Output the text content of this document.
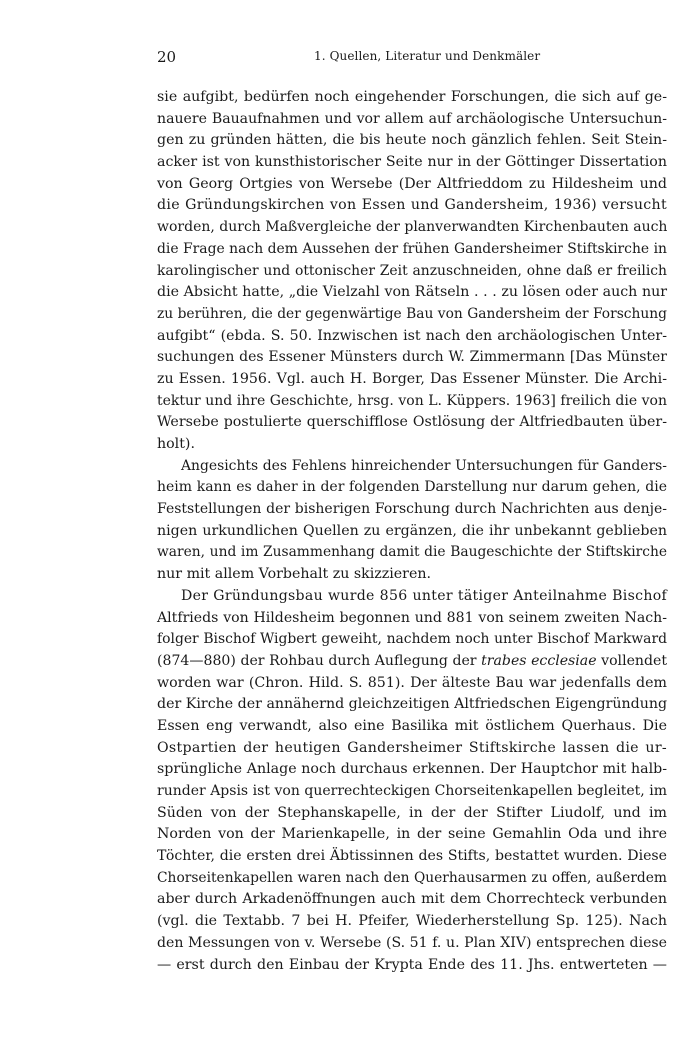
20	1. Quellen, Literatur und Denkmäler
sie aufgibt, bedürfen noch eingehender Forschungen, die sich auf ge-
nauere Bauaufnahmen und vor allem auf archäologische Untersuchun-
gen zu gründen hätten, die bis heute noch gänzlich fehlen. Seit Stein-
acker ist von kunsthistorischer Seite nur in der Göttinger Dissertation
von Georg Ortgies von Wersebe (Der Altfrieddom zu Hildesheim und
die Gründungskirchen von Essen und Gandersheim, 1936) versucht
worden, durch Maßvergleiche der planverwandten Kirchenbauten auch
die Frage nach dem Aussehen der frühen Gandersheimer Stiftskirche in
karolingischer und ottonischer Zeit anzuschneiden, ohne daß er freilich
die Absicht hatte, „die Vielzahl von Rätseln . . . zu lösen oder auch nur
zu berühren, die der gegenwärtige Bau von Gandersheim der Forschung
aufgibt“ (ebda. S. 50. Inzwischen ist nach den archäologischen Unter-
suchungen des Essener Münsters durch W. Zimmermann [Das Münster
zu Essen. 1956. Vgl. auch H. Borger, Das Essener Münster. Die Archi-
tektur und ihre Geschichte, hrsg. von L. Küppers. 1963] freilich die von
Wersebe postulierte querschifflose Ostlösung der Altfriedbauten über-
holt).
Angesichts des Fehlens hinreichender Untersuchungen für Ganders-
heim kann es daher in der folgenden Darstellung nur darum gehen, die
Feststellungen der bisherigen Forschung durch Nachrichten aus denje-
nigen urkundlichen Quellen zu ergänzen, die ihr unbekannt geblieben
waren, und im Zusammenhang damit die Baugeschichte der Stiftskirche
nur mit allem Vorbehalt zu skizzieren.
Der Gründungsbau wurde 856 unter tätiger Anteilnahme Bischof
Altfrieds von Hildesheim begonnen und 881 von seinem zweiten Nach-
folger Bischof Wigbert geweiht, nachdem noch unter Bischof Markward
(874—880) der Rohbau durch Auflegung der trabes ecclesiae vollendet
worden war (Chron. Hild. S. 851). Der älteste Bau war jedenfalls dem
der Kirche der annähernd gleichzeitigen Altfriedschen Eigengründung
Essen eng verwandt, also eine Basilika mit östlichem Querhaus. Die
Ostpartien der heutigen Gandersheimer Stiftskirche lassen die ur-
sprüngliche Anlage noch durchaus erkennen. Der Hauptchor mit halb-
runder Apsis ist von querrechteckigen Chorseitenkapellen begleitet, im
Süden von der Stephanskapelle, in der der Stifter Liudolf, und im
Norden von der Marienkapelle, in der seine Gemahlin Oda und ihre
Töchter, die ersten drei Äbtissinnen des Stifts, bestattet wurden. Diese
Chorseitenkapellen waren nach den Querhausarmen zu offen, außerdem
aber durch Arkadenöffnungen auch mit dem Chorrechteck verbunden
(vgl. die Textabb. 7 bei H. Pfeifer, Wiederherstellung Sp. 125). Nach
den Messungen von v. Wersebe (S. 51 f. u. Plan XIV) entsprechen diese
— erst durch den Einbau der Krypta Ende des 11. Jhs. entwerteten —
